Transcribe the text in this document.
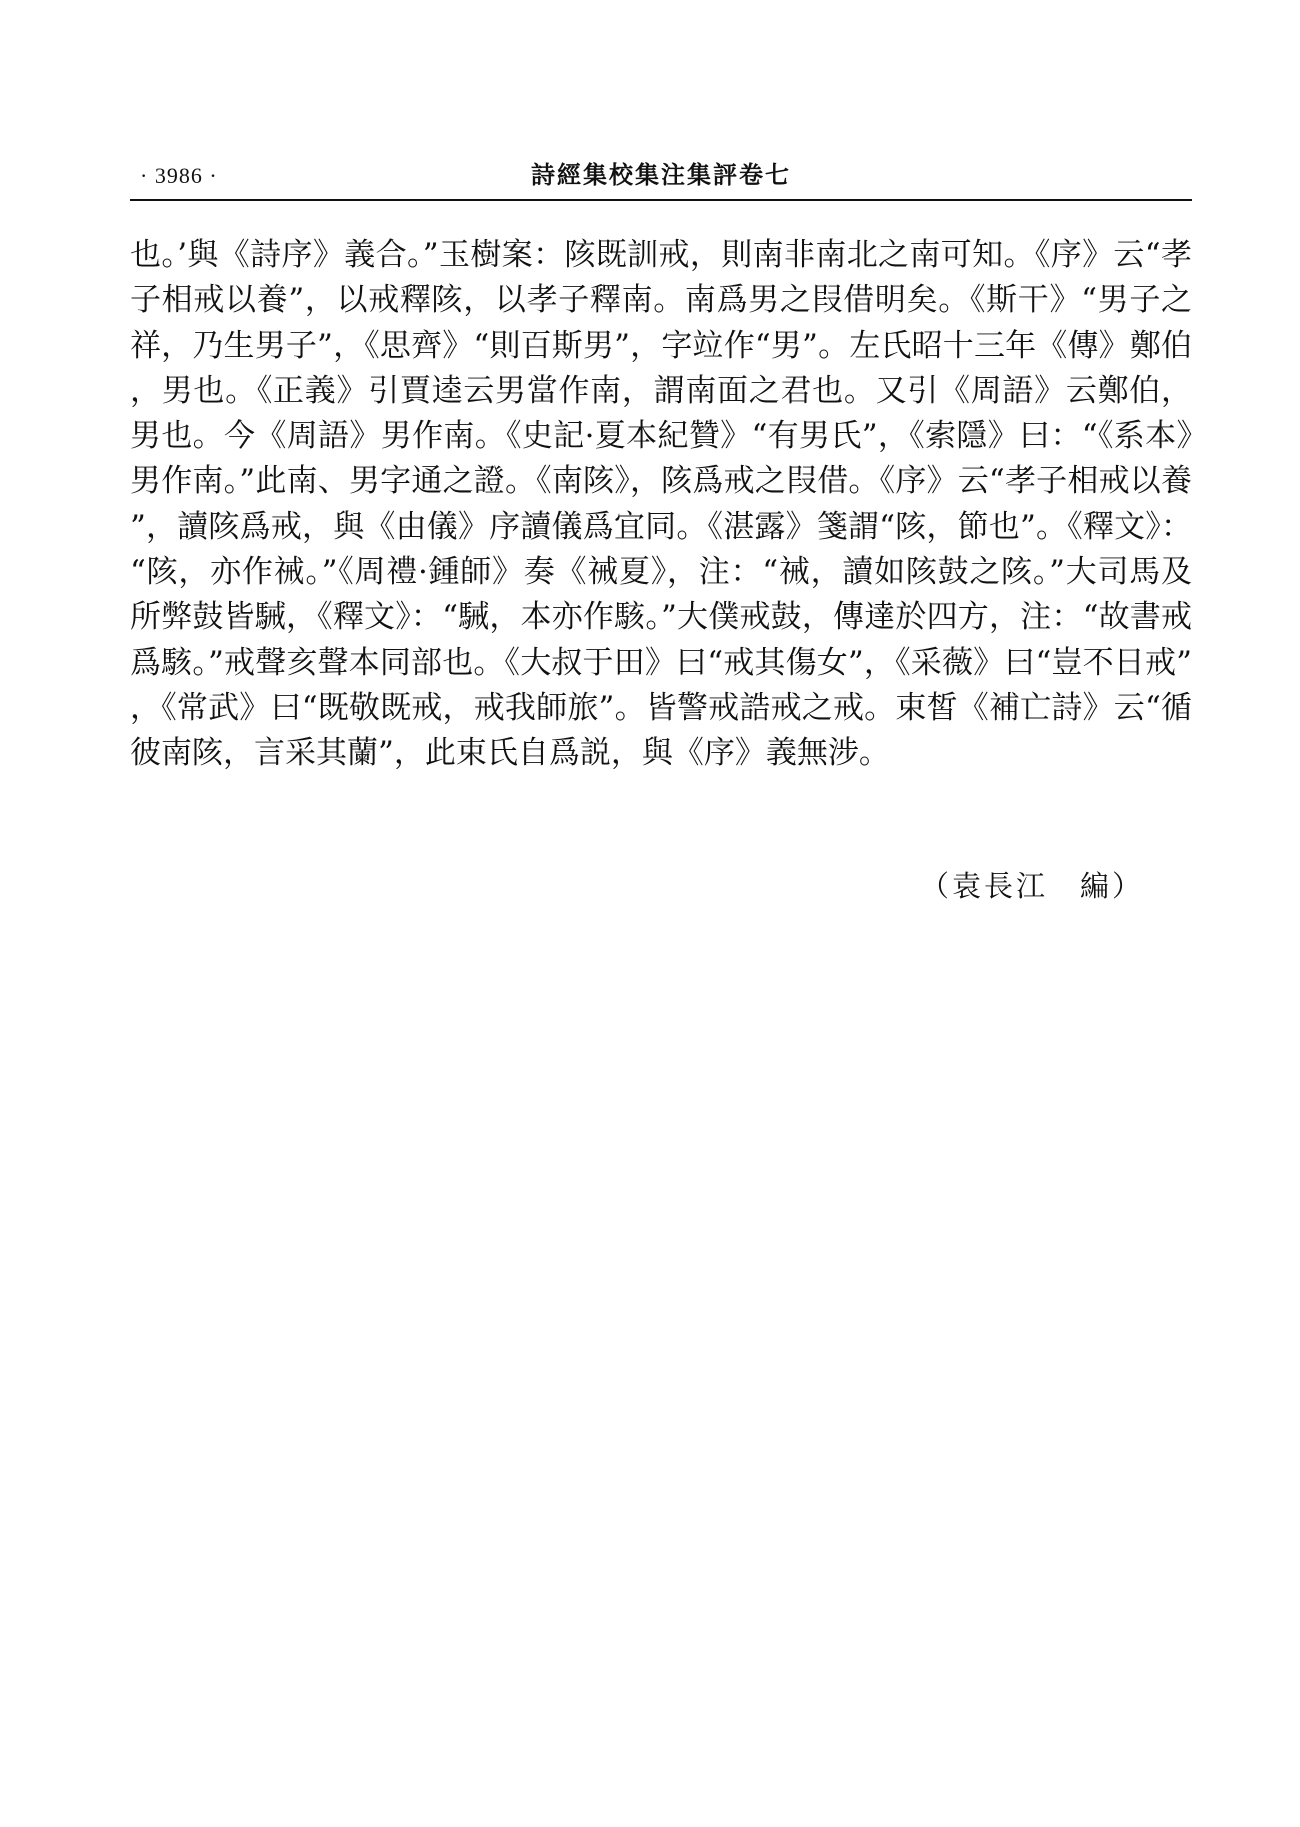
· 3986 ·	詩經集校集注集評卷七

也。’與《詩序》義合。”玉樹案：陔既訓戒，則南非南北之南可知。《序》云“孝子相戒以養”，以戒釋陔，以孝子釋南。南爲男之叚借明矣。《斯干》“男子之祥，乃生男子”，《思齊》“則百斯男”，字竝作“男”。左氏昭十三年《傳》鄭伯，男也。《正義》引賈逵云男當作南，謂南面之君也。又引《周語》云鄭伯，男也。今《周語》男作南。《史記·夏本紀贊》“有男氏”，《索隱》曰：“《系本》男作南。”此南、男字通之證。《南陔》，陔爲戒之叚借。《序》云“孝子相戒以養”，讀陔爲戒，與《由儀》序讀儀爲宜同。《湛露》箋謂“陔，節也”。《釋文》：“陔，亦作祴。”《周禮·鍾師》奏《祴夏》，注：“祴，讀如陔鼓之陔。”大司馬及所弊鼓皆駴，《釋文》：“駴，本亦作駭。”大僕戒鼓，傳達於四方，注：“故書戒爲駭。”戒聲亥聲本同部也。《大叔于田》曰“戒其傷女”，《采薇》曰“豈不日戒”，《常武》曰“既敬既戒，戒我師旅”。皆警戒誥戒之戒。束皙《補亡詩》云“循彼南陔，言采其蘭”，此束氏自爲説，與《序》義無涉。

（袁長江　編）
